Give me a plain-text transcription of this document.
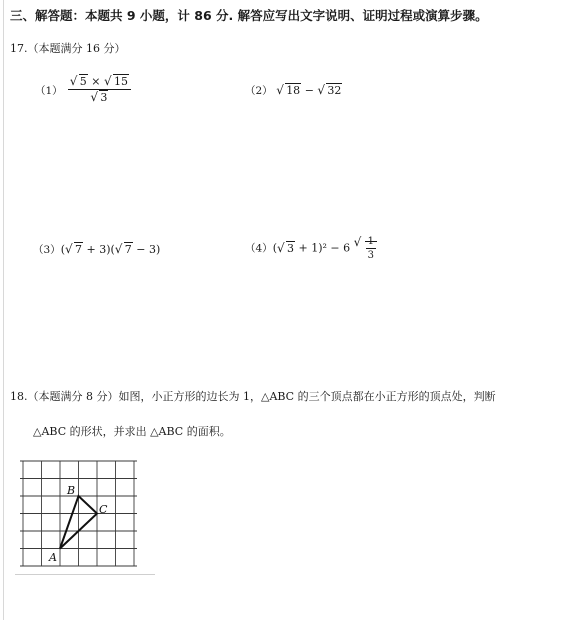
三、解答题：本题共 9 小题，计 86 分. 解答应写出文字说明、证明过程或演算步骤。
17.（本题满分 16 分）
（1） √ 5 × √ 15
√ 3	（2） √ 18 − √ 32
（3）( √ 7 + 3)( √ 7 − 3)	（4）( √ 3 + 1)² − 6 √ $\frac{1}{3}$
18.（本题满分 8 分）如图，小正方形的边长为 1，△ABC 的三个顶点都在小正方形的顶点处，判断
△ABC 的形状，并求出 △ABC 的面积。
B
C
A
